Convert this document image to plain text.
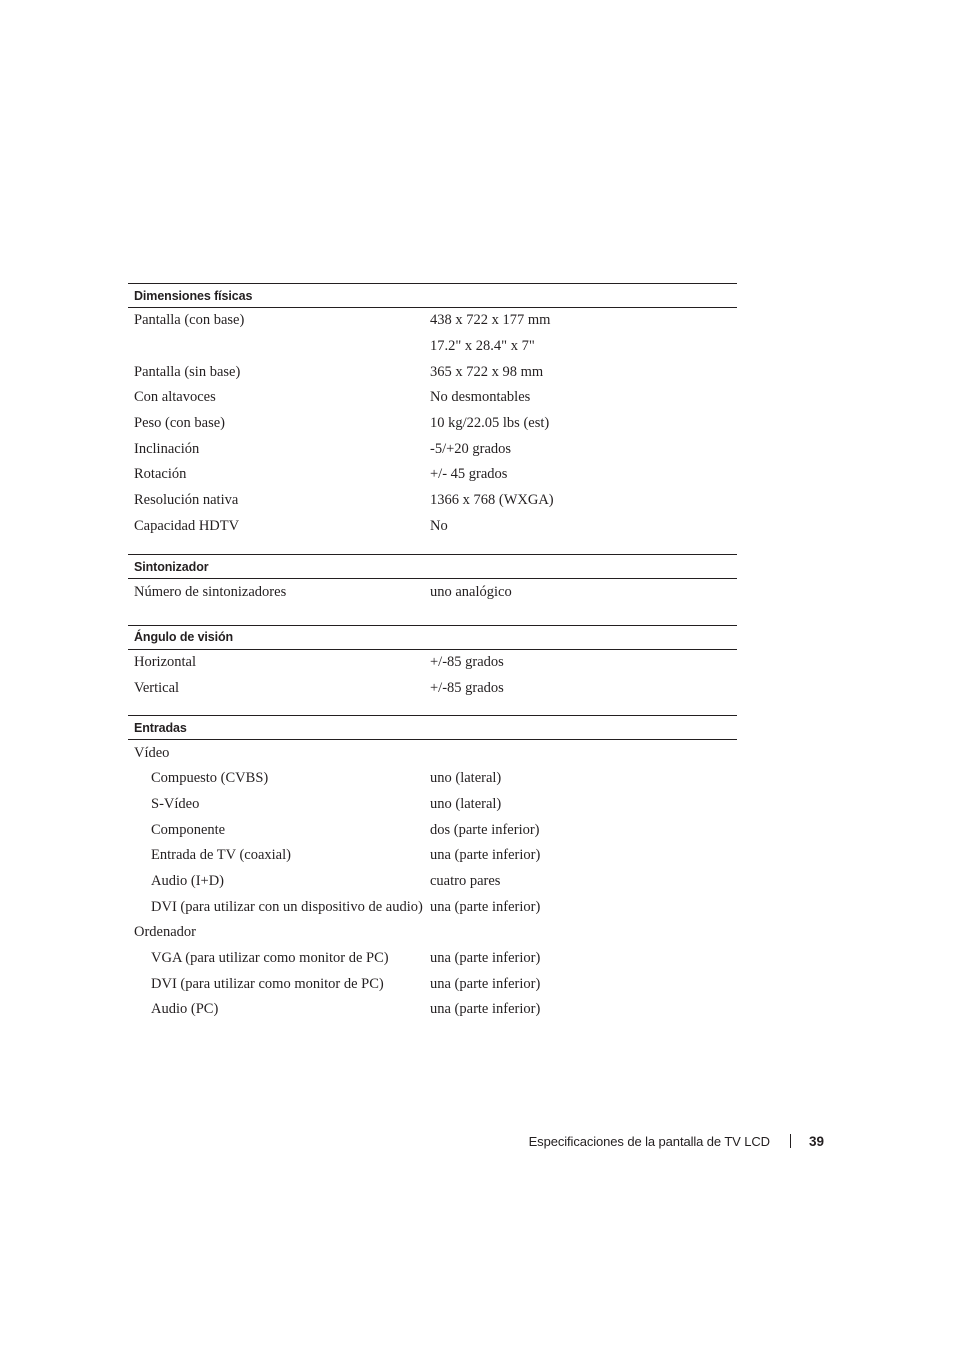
Dimensiones físicas
Pantalla (con base)	438 x 722 x 177 mm
17.2" x 28.4" x 7"
Pantalla (sin base)	365 x 722 x 98 mm
Con altavoces	No desmontables
Peso (con base)	10 kg/22.05 lbs (est)
Inclinación	-5/+20 grados
Rotación	+/- 45 grados
Resolución nativa	1366 x 768 (WXGA)
Capacidad HDTV	No
Sintonizador
Número de sintonizadores	uno analógico
Ángulo de visión
Horizontal	+/-85 grados
Vertical	+/-85 grados
Entradas
Vídeo
Compuesto (CVBS)	uno (lateral)
S-Vídeo	uno (lateral)
Componente	dos (parte inferior)
Entrada de TV (coaxial)	una (parte inferior)
Audio (I+D)	cuatro pares
DVI (para utilizar con un dispositivo de audio) una (parte inferior)
Ordenador
VGA (para utilizar como monitor de PC)	una (parte inferior)
DVI (para utilizar como monitor de PC)	una (parte inferior)
Audio (PC)	una (parte inferior)
Especificaciones de la pantalla de TV LCD	39
